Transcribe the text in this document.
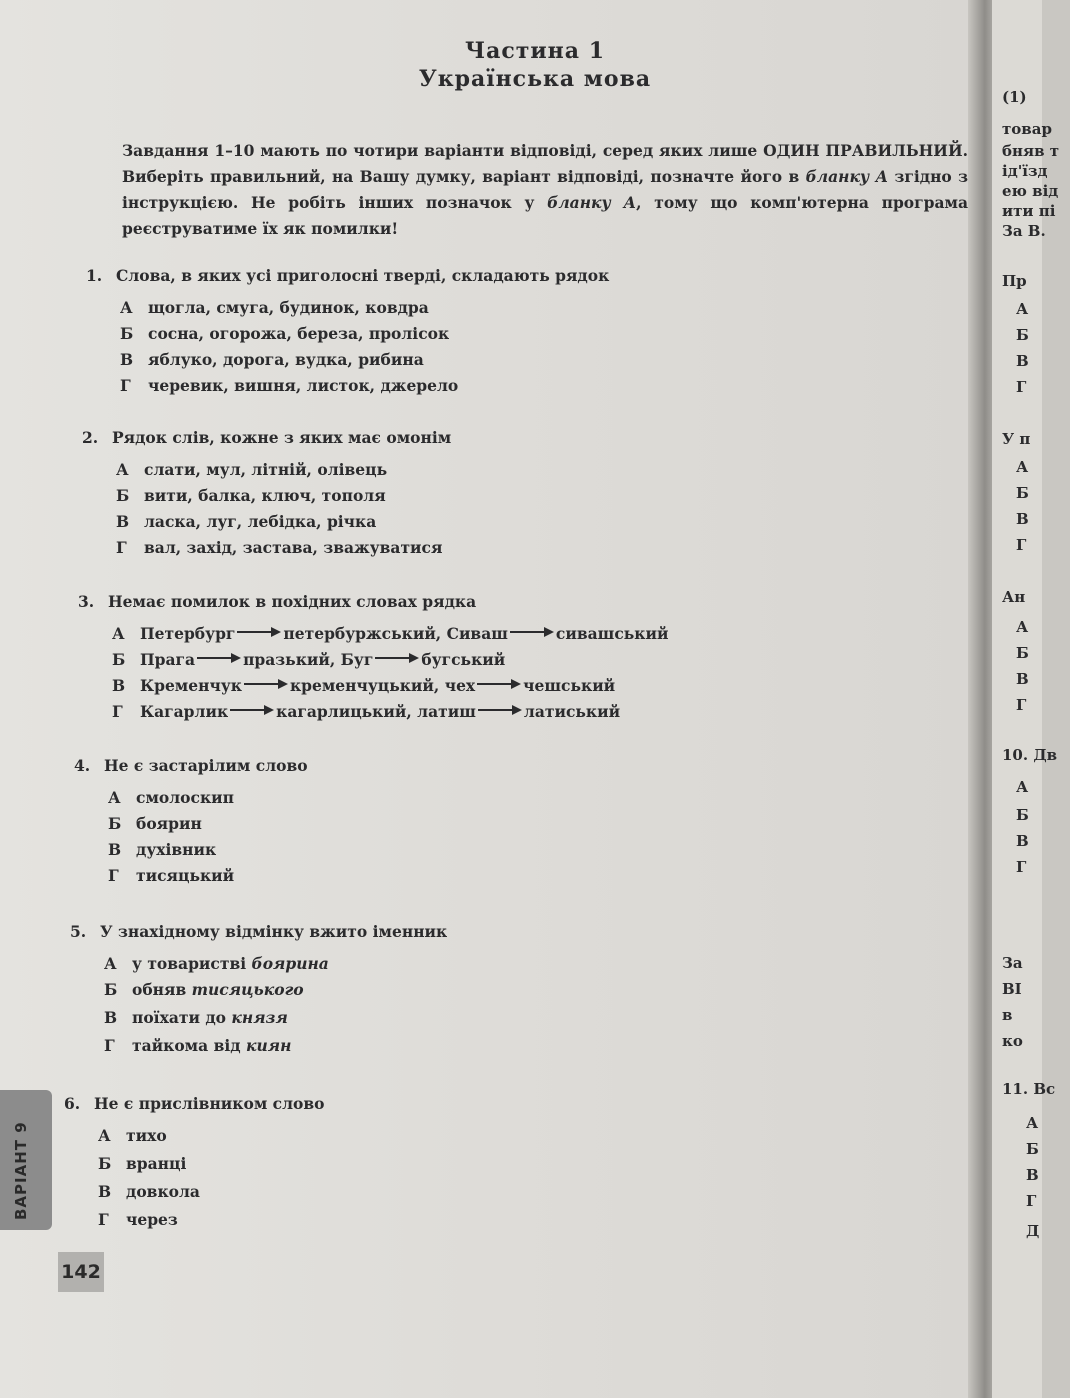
Частина 1
Українська мова
Завдання 1–10 мають по чотири варіанти відповіді, серед яких лише ОДИН ПРАВИЛЬНИЙ. Виберіть правильний, на Вашу думку, варіант відповіді, позначте його в бланку А згідно з інструкцією. Не робіть інших позначок у бланку А, тому що комп'ютерна програма реєструватиме їх як помилки!
1. Слова, в яких усі приголосні тверді, складають рядок
А щогла, смуга, будинок, ковдра
Б сосна, огорожа, береза, пролісок
В яблуко, дорога, вудка, рибина
Г черевик, вишня, листок, джерело
2. Рядок слів, кожне з яких має омонім
А слати, мул, літній, олівець
Б вити, балка, ключ, тополя
В ласка, луг, лебідка, річка
Г вал, захід, застава, зважуватися
3. Немає помилок в похідних словах рядка
А Петербург	петербуржський, Сиваш	сивашський
Б Прага	празький, Буг	бугський
В Кременчук	кременчуцький, чех	чешський
Г Кагарлик	кагарлицький, латиш	латиський
4. Не є застарілим слово
А смолоскип
Б боярин
В духівник
Г тисяцький
5. У знахідному відмінку вжито іменник
А у товаристві боярина
Б обняв тисяцького
В поїхати до князя
Г тайкома від киян
6. Не є прислівником слово
А тихо
Б вранці
В довкола
Г через
ВАРІАНТ 9
142
(1)
товар
бняв т
ід'їзд
ею від
ити пі
За В.
Пр
А
Б
В
Г
У п
А
Б
В
Г
Ан
А
Б
В
Г
10. Дв
А
Б
В
Г
За
ВІ
в
ко
11. Вс
А
Б
В
Г
Д
